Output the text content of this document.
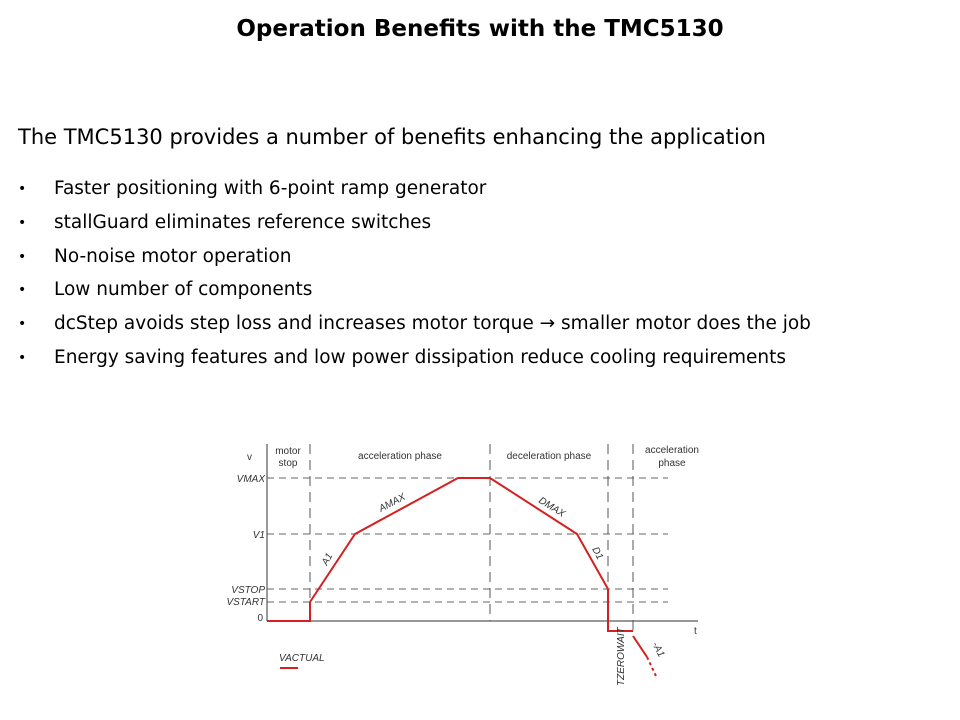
Operation Benefits with the TMC5130
The TMC5130 provides a number of benefits enhancing the application
• Faster positioning with 6-point ramp generator
• stallGuard eliminates reference switches
• No-noise motor operation
• Low number of components
• dcStep avoids step loss and increases motor torque → smaller motor does the job
• Energy saving features and low power dissipation reduce cooling requirements
v
t
motor
stop
acceleration phase	deceleration phase
acceleration
phase
VMAX
V1
VSTOP
VSTART
0
A1
AMAX	DMAX
D1
-A1
TZEROWAIT
VACTUAL
